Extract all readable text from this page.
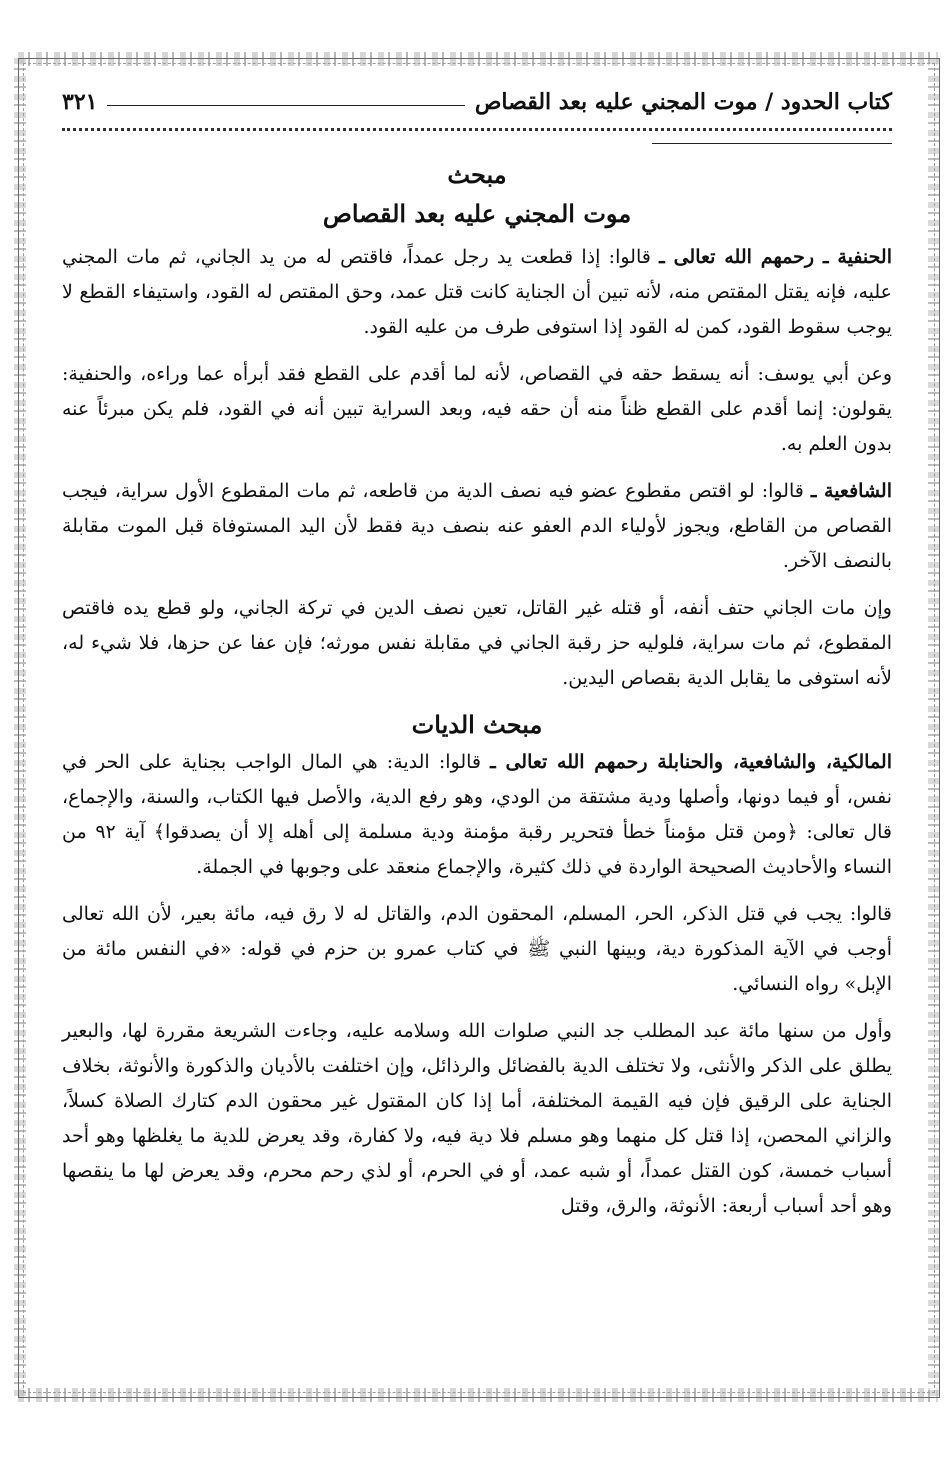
كتاب الحدود / موت المجني عليه بعد القصاص
٣٢١
مبحث
موت المجني عليه بعد القصاص

الحنفية ـ رحمهم الله تعالى ـ قالوا: إذا قطعت يد رجل عمداً، فاقتص له من يد الجاني، ثم مات المجني عليه، فإنه يقتل المقتص منه، لأنه تبين أن الجناية كانت قتل عمد، وحق المقتص له القود، واستيفاء القطع لا يوجب سقوط القود، كمن له القود إذا استوفى طرف من عليه القود.

وعن أبي يوسف: أنه يسقط حقه في القصاص، لأنه لما أقدم على القطع فقد أبرأه عما وراءه، والحنفية: يقولون: إنما أقدم على القطع ظناً منه أن حقه فيه، وبعد السراية تبين أنه في القود، فلم يكن مبرئاً عنه بدون العلم به.

الشافعية ـ قالوا: لو اقتص مقطوع عضو فيه نصف الدية من قاطعه، ثم مات المقطوع الأول سراية، فيجب القصاص من القاطع، ويجوز لأولياء الدم العفو عنه بنصف دية فقط لأن اليد المستوفاة قبل الموت مقابلة بالنصف الآخر.

وإن مات الجاني حتف أنفه، أو قتله غير القاتل، تعين نصف الدين في تركة الجاني، ولو قطع يده فاقتص المقطوع، ثم مات سراية، فلوليه حز رقبة الجاني في مقابلة نفس مورثه؛ فإن عفا عن حزها، فلا شيء له، لأنه استوفى ما يقابل الدية بقصاص اليدين.

مبحث الديات

المالكية، والشافعية، والحنابلة رحمهم الله تعالى ـ قالوا: الدية: هي المال الواجب بجناية على الحر في نفس، أو فيما دونها، وأصلها ودية مشتقة من الودي، وهو رفع الدية، والأصل فيها الكتاب، والسنة، والإجماع، قال تعالى: ﴿ومن قتل مؤمناً خطأ فتحرير رقبة مؤمنة ودية مسلمة إلى أهله إلا أن يصدقوا﴾ آية ٩٢ من النساء والأحاديث الصحيحة الواردة في ذلك كثيرة، والإجماع منعقد على وجوبها في الجملة.

قالوا: يجب في قتل الذكر، الحر، المسلم، المحقون الدم، والقاتل له لا رق فيه، مائة بعير، لأن الله تعالى أوجب في الآية المذكورة دية، وبينها النبي ﷺ في كتاب عمرو بن حزم في قوله: «في النفس مائة من الإبل» رواه النسائي.

وأول من سنها مائة عبد المطلب جد النبي صلوات الله وسلامه عليه، وجاءت الشريعة مقررة لها، والبعير يطلق على الذكر والأنثى، ولا تختلف الدية بالفضائل والرذائل، وإن اختلفت بالأديان والذكورة والأنوثة، بخلاف الجناية على الرقيق فإن فيه القيمة المختلفة، أما إذا كان المقتول غير محقون الدم كتارك الصلاة كسلاً، والزاني المحصن، إذا قتل كل منهما وهو مسلم فلا دية فيه، ولا كفارة، وقد يعرض للدية ما يغلظها وهو أحد أسباب خمسة، كون القتل عمداً، أو شبه عمد، أو في الحرم، أو لذي رحم محرم، وقد يعرض لها ما ينقصها وهو أحد أسباب أربعة: الأنوثة، والرق، وقتل
